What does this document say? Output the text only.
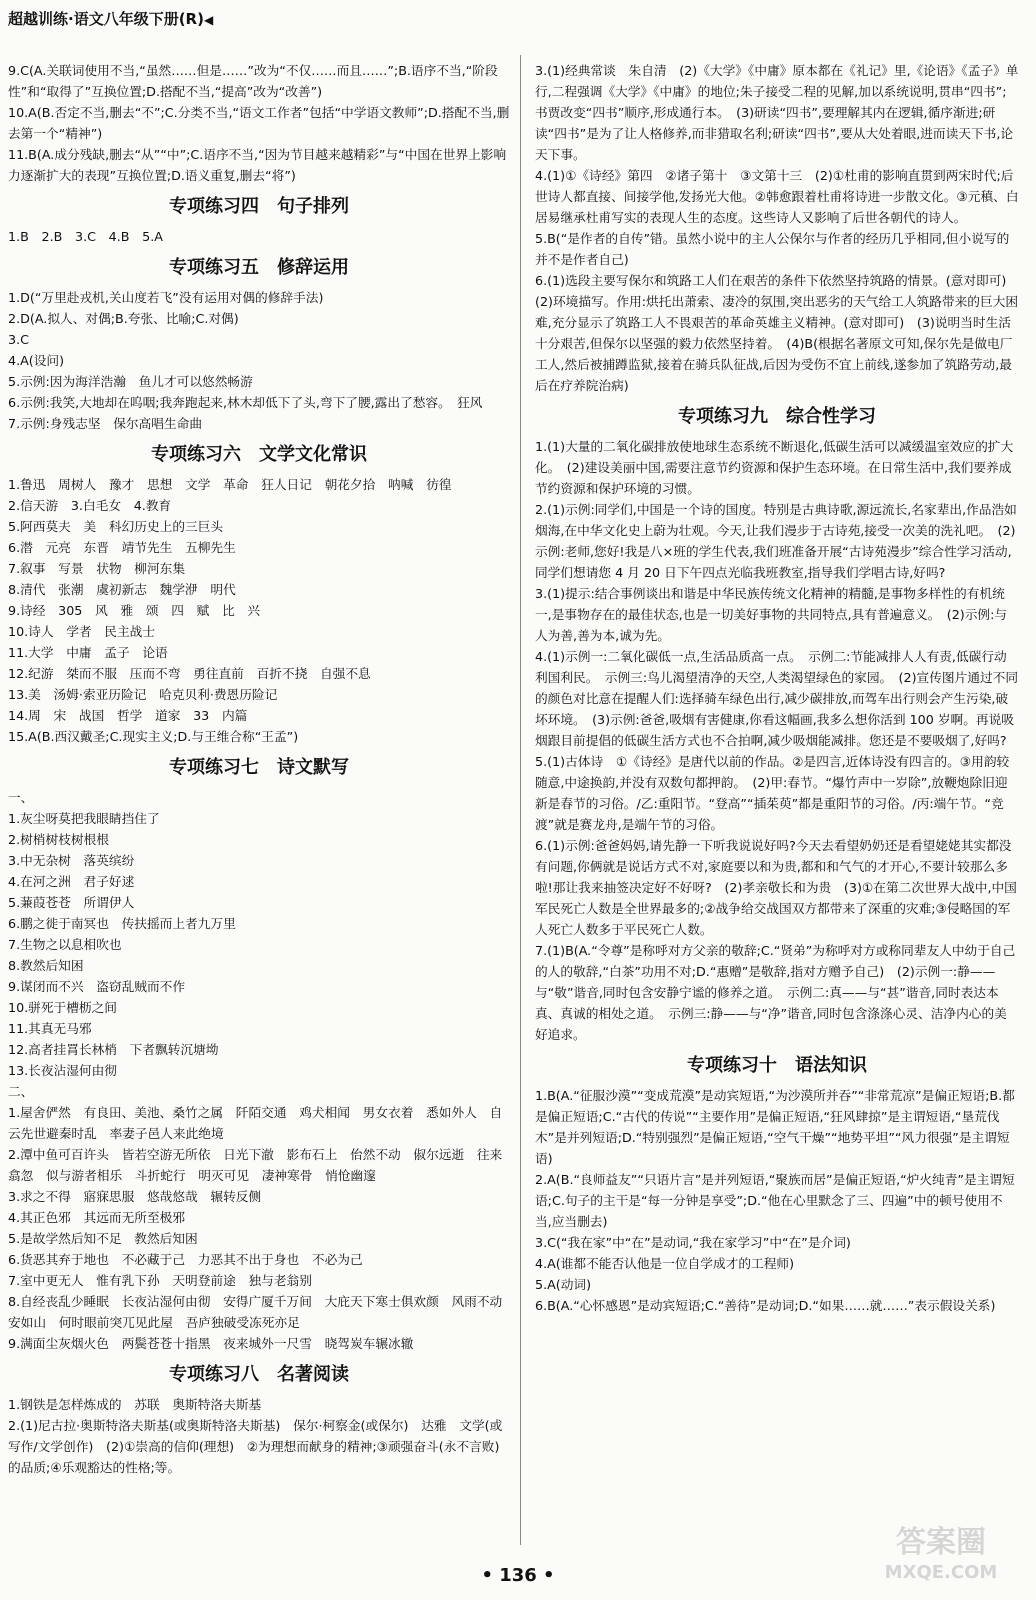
超越训练·语文八年级下册(R)◀
9.C(A.关联词使用不当,“虽然……但是……”改为“不仅……而且……”;B.语序不当,“阶段性”和“取得了”互换位置;D.搭配不当,“提高”改为“改善”)
10.A(B.否定不当,删去“不”;C.分类不当,“语文工作者”包括“中学语文教师”;D.搭配不当,删去第一个“精神”)
11.B(A.成分残缺,删去“从”“中”;C.语序不当,“因为节目越来越精彩”与“中国在世界上影响力逐渐扩大的表现”互换位置;D.语义重复,删去“将”)
专项练习四　句子排列
1.B　2.B　3.C　4.B　5.A
专项练习五　修辞运用
1.D(“万里赴戎机,关山度若飞”没有运用对偶的修辞手法)
2.D(A.拟人、对偶;B.夸张、比喻;C.对偶)
3.C
4.A(设问)
5.示例:因为海洋浩瀚　鱼儿才可以悠然畅游
6.示例:我笑,大地却在呜咽;我奔跑起来,林木却低下了头,弯下了腰,露出了愁容。　狂风
7.示例:身残志坚　保尔高唱生命曲
专项练习六　文学文化常识
1.鲁迅　周树人　豫才　思想　文学　革命　狂人日记　朝花夕拾　呐喊　彷徨
2.信天游　3.白毛女　4.教育
5.阿西莫夫　美　科幻历史上的三巨头
6.潜　元亮　东晋　靖节先生　五柳先生
7.叙事　写景　状物　柳河东集
8.清代　张潮　虞初新志　魏学洢　明代
9.诗经　305　风　雅　颂　四　赋　比　兴
10.诗人　学者　民主战士
11.大学　中庸　孟子　论语
12.纪游　桀而不服　压而不弯　勇往直前　百折不挠　自强不息
13.美　汤姆·索亚历险记　哈克贝利·费恩历险记
14.周　宋　战国　哲学　道家　33　内篇
15.A(B.西汉戴圣;C.现实主义;D.与王维合称“王孟”)
专项练习七　诗文默写
一、
1.灰尘呀莫把我眼睛挡住了
2.树梢树枝树根根
3.中无杂树　落英缤纷
4.在河之洲　君子好逑
5.蒹葭苍苍　所谓伊人
6.鹏之徙于南冥也　传扶摇而上者九万里
7.生物之以息相吹也
8.教然后知困
9.谋闭而不兴　盗窃乱贼而不作
10.骈死于槽枥之间
11.其真无马邪
12.高者挂罥长林梢　下者飘转沉塘坳
13.长夜沾湿何由彻
二、
1.屋舍俨然　有良田、美池、桑竹之属　阡陌交通　鸡犬相闻　男女衣着　悉如外人　自云先世避秦时乱　率妻子邑人来此绝境
2.潭中鱼可百许头　皆若空游无所依　日光下澈　影布石上　佁然不动　俶尔远逝　往来翕忽　似与游者相乐　斗折蛇行　明灭可见　凄神寒骨　悄怆幽邃
3.求之不得　寤寐思服　悠哉悠哉　辗转反侧
4.其正色邪　其远而无所至极邪
5.是故学然后知不足　教然后知困
6.货恶其弃于地也　不必藏于己　力恶其不出于身也　不必为己
7.室中更无人　惟有乳下孙　天明登前途　独与老翁别
8.自经丧乱少睡眠　长夜沾湿何由彻　安得广厦千万间　大庇天下寒士俱欢颜　风雨不动安如山　何时眼前突兀见此屋　吾庐独破受冻死亦足
9.满面尘灰烟火色　两鬓苍苍十指黑　夜来城外一尺雪　晓驾炭车辗冰辙
专项练习八　名著阅读
1.钢铁是怎样炼成的　苏联　奥斯特洛夫斯基
2.(1)尼古拉·奥斯特洛夫斯基(或奥斯特洛夫斯基)　保尔·柯察金(或保尔)　达雅　文学(或写作/文学创作)　(2)①崇高的信仰(理想)　②为理想而献身的精神;③顽强奋斗(永不言败)的品质;④乐观豁达的性格;等。
3.(1)经典常谈　朱自清　(2)《大学》《中庸》原本都在《礼记》里,《论语》《孟子》单行,二程强调《大学》《中庸》的地位;朱子接受二程的见解,加以系统说明,贯串“四书”;书贾改变“四书”顺序,形成通行本。　(3)研读“四书”,要理解其内在逻辑,循序渐进;研读“四书”是为了让人格修养,而非猎取名利;研读“四书”,要从大处着眼,进而读天下书,论天下事。
4.(1)①《诗经》第四　②诸子第十　③文第十三　(2)①杜甫的影响直贯到两宋时代;后世诗人都直接、间接学他,发扬光大他。②韩愈跟着杜甫将诗进一步散文化。③元稹、白居易继承杜甫写实的表现人生的态度。这些诗人又影响了后世各朝代的诗人。
5.B(“是作者的自传”错。虽然小说中的主人公保尔与作者的经历几乎相同,但小说写的并不是作者自己)
6.(1)选段主要写保尔和筑路工人们在艰苦的条件下依然坚持筑路的情景。(意对即可)　(2)环境描写。作用:烘托出萧索、凄冷的氛围,突出恶劣的天气给工人筑路带来的巨大困难,充分显示了筑路工人不畏艰苦的革命英雄主义精神。(意对即可)　(3)说明当时生活十分艰苦,但保尔以坚强的毅力依然坚持着。　(4)B(根据名著原文可知,保尔先是做电厂工人,然后被捕蹲监狱,接着在骑兵队征战,后因为受伤不宜上前线,遂参加了筑路劳动,最后在疗养院治病)
专项练习九　综合性学习
1.(1)大量的二氧化碳排放使地球生态系统不断退化,低碳生活可以减缓温室效应的扩大化。　(2)建设美丽中国,需要注意节约资源和保护生态环境。在日常生活中,我们要养成节约资源和保护环境的习惯。
2.(1)示例:同学们,中国是一个诗的国度。特别是古典诗歌,源远流长,名家辈出,作品浩如烟海,在中华文化史上蔚为壮观。今天,让我们漫步于古诗苑,接受一次美的洗礼吧。　(2)示例:老师,您好!我是八×班的学生代表,我们班准备开展“古诗苑漫步”综合性学习活动,同学们想请您 4 月 20 日下午四点光临我班教室,指导我们学唱古诗,好吗?
3.(1)提示:结合事例谈出和谐是中华民族传统文化精神的精髓,是事物多样性的有机统一,是事物存在的最佳状态,也是一切美好事物的共同特点,具有普遍意义。　(2)示例:与人为善,善为本,诚为先。
4.(1)示例一:二氧化碳低一点,生活品质高一点。　示例二:节能减排人人有责,低碳行动利国利民。　示例三:鸟儿渴望清净的天空,人类渴望绿色的家园。　(2)宣传图片通过不同的颜色对比意在提醒人们:选择骑车绿色出行,减少碳排放,而驾车出行则会产生污染,破坏环境。　(3)示例:爸爸,吸烟有害健康,你看这幅画,我多么想你活到 100 岁啊。再说吸烟跟目前提倡的低碳生活方式也不合拍啊,减少吸烟能减排。您还是不要吸烟了,好吗?
5.(1)古体诗　①《诗经》是唐代以前的作品。②是四言,近体诗没有四言的。③用韵较随意,中途换韵,并没有双数句都押韵。　(2)甲:春节。“爆竹声中一岁除”,放鞭炮除旧迎新是春节的习俗。/乙:重阳节。“登高”“插茱萸”都是重阳节的习俗。/丙:端午节。“竞渡”就是赛龙舟,是端午节的习俗。
6.(1)示例:爸爸妈妈,请先静一下听我说说好吗?今天去看望奶奶还是看望姥姥其实都没有问题,你俩就是说话方式不对,家庭要以和为贵,都和和气气的才开心,不要计较那么多啦!那让我来抽签决定好不好呀?　(2)孝亲敬长和为贵　(3)①在第二次世界大战中,中国军民死亡人数是全世界最多的;②战争给交战国双方都带来了深重的灾难;③侵略国的军人死亡人数多于平民死亡人数。
7.(1)B(A.“令尊”是称呼对方父亲的敬辞;C.“贤弟”为称呼对方或称同辈友人中幼于自己的人的敬辞,“白茶”功用不对;D.“惠赠”是敬辞,指对方赠予自己)　(2)示例一:静——与“敬”谐音,同时包含安静宁谧的修养之道。　示例二:真——与“甚”谐音,同时表达本真、真诚的相处之道。　示例三:静——与“净”谐音,同时包含涤涤心灵、洁净内心的美好追求。
专项练习十　语法知识
1.B(A.“征服沙漠”“变成荒漠”是动宾短语,“为沙漠所并吞”“非常荒凉”是偏正短语;B.都是偏正短语;C.“古代的传说”“主要作用”是偏正短语,“狂风肆掠”是主谓短语,“垦荒伐木”是并列短语;D.“特别强烈”是偏正短语,“空气干燥”“地势平坦”“风力很强”是主谓短语)
2.A(B.“良师益友”“只语片言”是并列短语,“聚族而居”是偏正短语,“炉火纯青”是主谓短语;C.句子的主干是“每一分钟是享受”;D.“他在心里默念了三、四遍”中的顿号使用不当,应当删去)
3.C(“我在家”中“在”是动词,“我在家学习”中“在”是介词)
4.A(谁都不能否认他是一位自学成才的工程师)
5.A(动词)
6.B(A.“心怀感恩”是动宾短语;C.“善待”是动词;D.“如果……就……”表示假设关系)
• 136 •
答案圈
MXQE.COM
